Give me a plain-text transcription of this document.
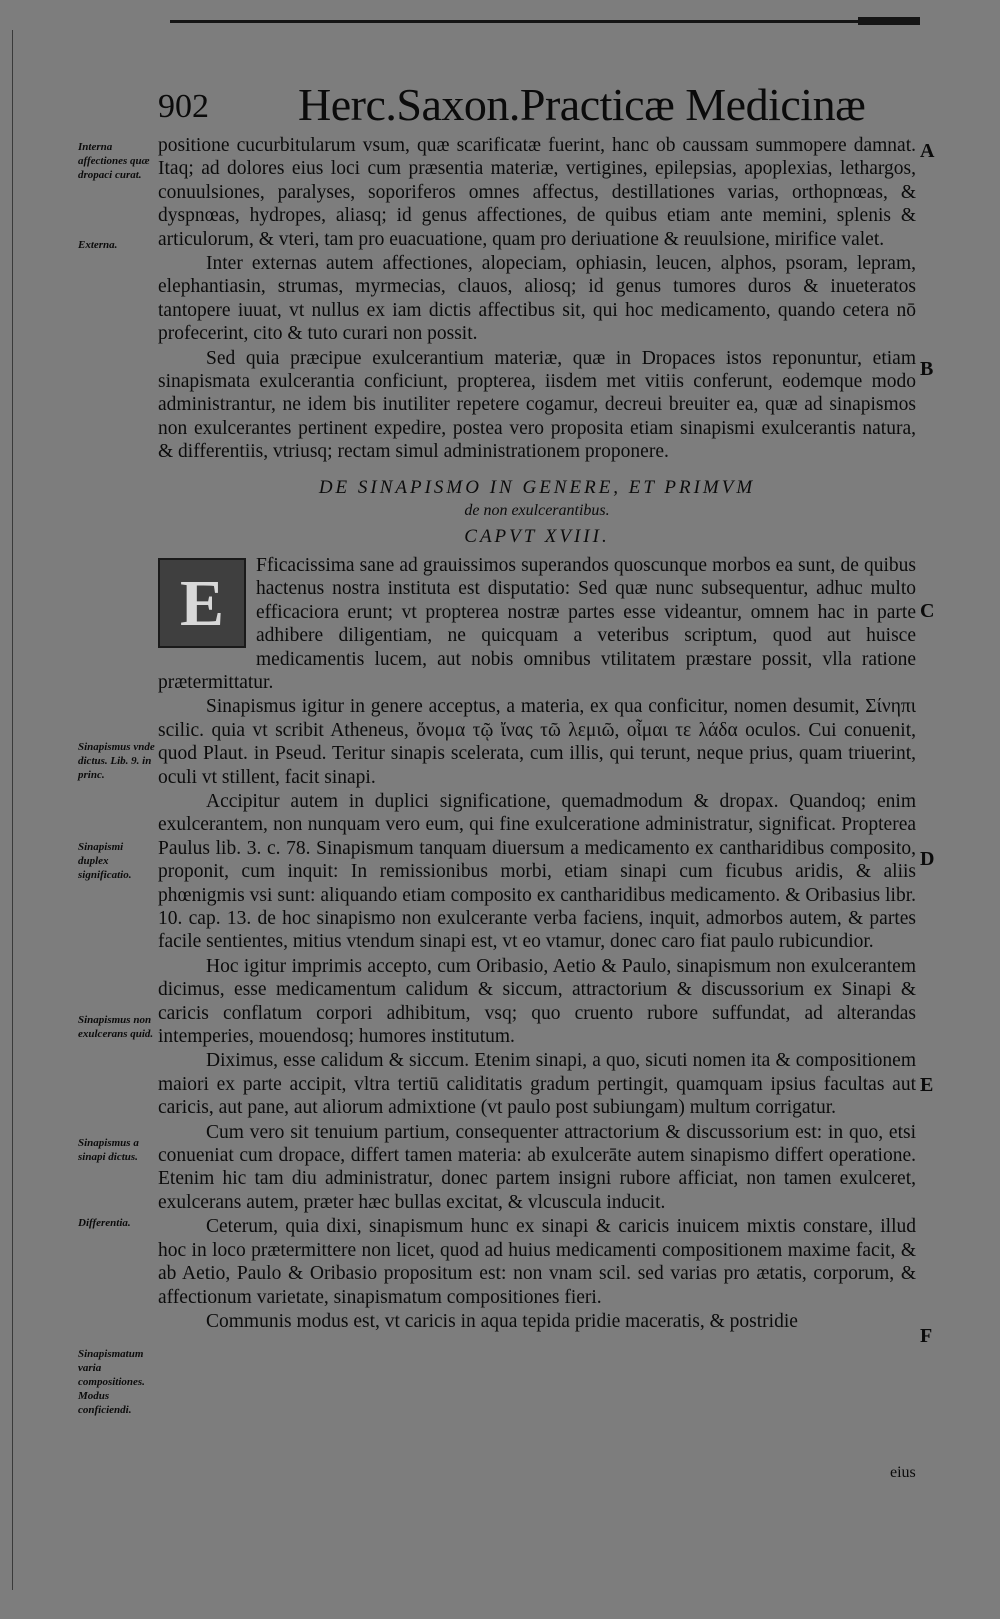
902 Herc.Saxon.Practicæ Medicinæ
Interna affectiones quæ dropaci curat.
Externa.
Sinapismus vnde dictus. Lib. 9. in princ.
Sinapismi duplex significatio.
Sinapismus non exulcerans quid.
Sinapismus a sinapi dictus.
Differentia.
Sinapismatum varia compositiones. Modus conficiendi.
A
B
C
D
E
F

positione cucurbitularum vsum, quæ scarificatæ fuerint, hanc ob caussam summopere damnat. Itaq; ad dolores eius loci cum præsentia materiæ, vertigines, epilepsias, apoplexias, lethargos, conuulsiones, paralyses, soporiferos omnes affectus, destillationes varias, orthopnœas, & dyspnœas, hydropes, aliasq; id genus affectiones, de quibus etiam ante memini, splenis & articulorum, & vteri, tam pro euacuatione, quam pro deriuatione & reuulsione, mirifice valet.

Inter externas autem affectiones, alopeciam, ophiasin, leucen, alphos, psoram, lepram, elephantiasin, strumas, myrmecias, clauos, aliosq; id genus tumores duros & inueteratos tantopere iuuat, vt nullus ex iam dictis affectibus sit, qui hoc medicamento, quando cetera nō profecerint, cito & tuto curari non possit.

Sed quia præcipue exulcerantium materiæ, quæ in Dropaces istos reponuntur, etiam sinapismata exulcerantia conficiunt, propterea, iisdem met vitiis conferunt, eodemque modo administrantur, ne idem bis inutiliter repetere cogamur, decreui breuiter ea, quæ ad sinapismos non exulcerantes pertinent expedire, postea vero proposita etiam sinapismi exulcerantis natura, & differentiis, vtriusq; rectam simul administrationem proponere.

DE SINAPISMO IN GENERE, ET PRIMVM
de non exulcerantibus.
CAPVT XVIII.
E

Fficacissima sane ad grauissimos superandos quoscunque morbos ea sunt, de quibus hactenus nostra instituta est disputatio: Sed quæ nunc subsequentur, adhuc multo efficaciora erunt; vt propterea nostræ partes esse videantur, omnem hac in parte adhibere diligentiam, ne quicquam a veteribus scriptum, quod aut huisce medicamentis lucem, aut nobis omnibus vtilitatem præstare possit, vlla ratione prætermittatur.

Sinapismus igitur in genere acceptus, a materia, ex qua conficitur, nomen desumit, Σίνηπι scilic. quia vt scribit Atheneus, ὄνομα τῷ ἴνας τῶ λεμιῶ, οἶμαι τε λάδα οculos. Cui conuenit, quod Plaut. in Pseud. Teritur sinapis scelerata, cum illis, qui terunt, neque prius, quam triuerint, oculi vt stillent, facit sinapi.

Accipitur autem in duplici significatione, quemadmodum & dropax. Quandoq; enim exulcerantem, non nunquam vero eum, qui fine exulceratione administratur, significat. Propterea Paulus lib. 3. c. 78. Sinapismum tanquam diuersum a medicamento ex cantharidibus composito, proponit, cum inquit: In remissionibus morbi, etiam sinapi cum ficubus aridis, & aliis phœnigmis vsi sunt: aliquando etiam composito ex cantharidibus medicamento. & Oribasius libr. 10. cap. 13. de hoc sinapismo non exulcerante verba faciens, inquit, admorbos autem, & partes facile sentientes, mitius vtendum sinapi est, vt eo vtamur, donec caro fiat paulo rubicundior.

Hoc igitur imprimis accepto, cum Oribasio, Aetio & Paulo, sinapismum non exulcerantem dicimus, esse medicamentum calidum & siccum, attractorium & discussorium ex Sinapi & caricis conflatum corpori adhibitum, vsq; quo cruento rubore suffundat, ad alterandas intemperies, mouendosq; humores institutum.

Diximus, esse calidum & siccum. Etenim sinapi, a quo, sicuti nomen ita & compositionem maiori ex parte accipit, vltra tertiū caliditatis gradum pertingit, quamquam ipsius facultas aut caricis, aut pane, aut aliorum admixtione (vt paulo post subiungam) multum corrigatur.

Cum vero sit tenuium partium, consequenter attractorium & discussorium est: in quo, etsi conueniat cum dropace, differt tamen materia: ab exulcerāte autem sinapismo differt operatione. Etenim hic tam diu administratur, donec partem insigni rubore afficiat, non tamen exulceret, exulcerans autem, præter hæc bullas excitat, & vlcuscula inducit.

Ceterum, quia dixi, sinapismum hunc ex sinapi & caricis inuicem mixtis constare, illud hoc in loco prætermittere non licet, quod ad huius medicamenti compositionem maxime facit, & ab Aetio, Paulo & Oribasio propositum est: non vnam scil. sed varias pro ætatis, corporum, & affectionum varietate, sinapismatum compositiones fieri.

Communis modus est, vt caricis in aqua tepida pridie maceratis, & postridie

eius
